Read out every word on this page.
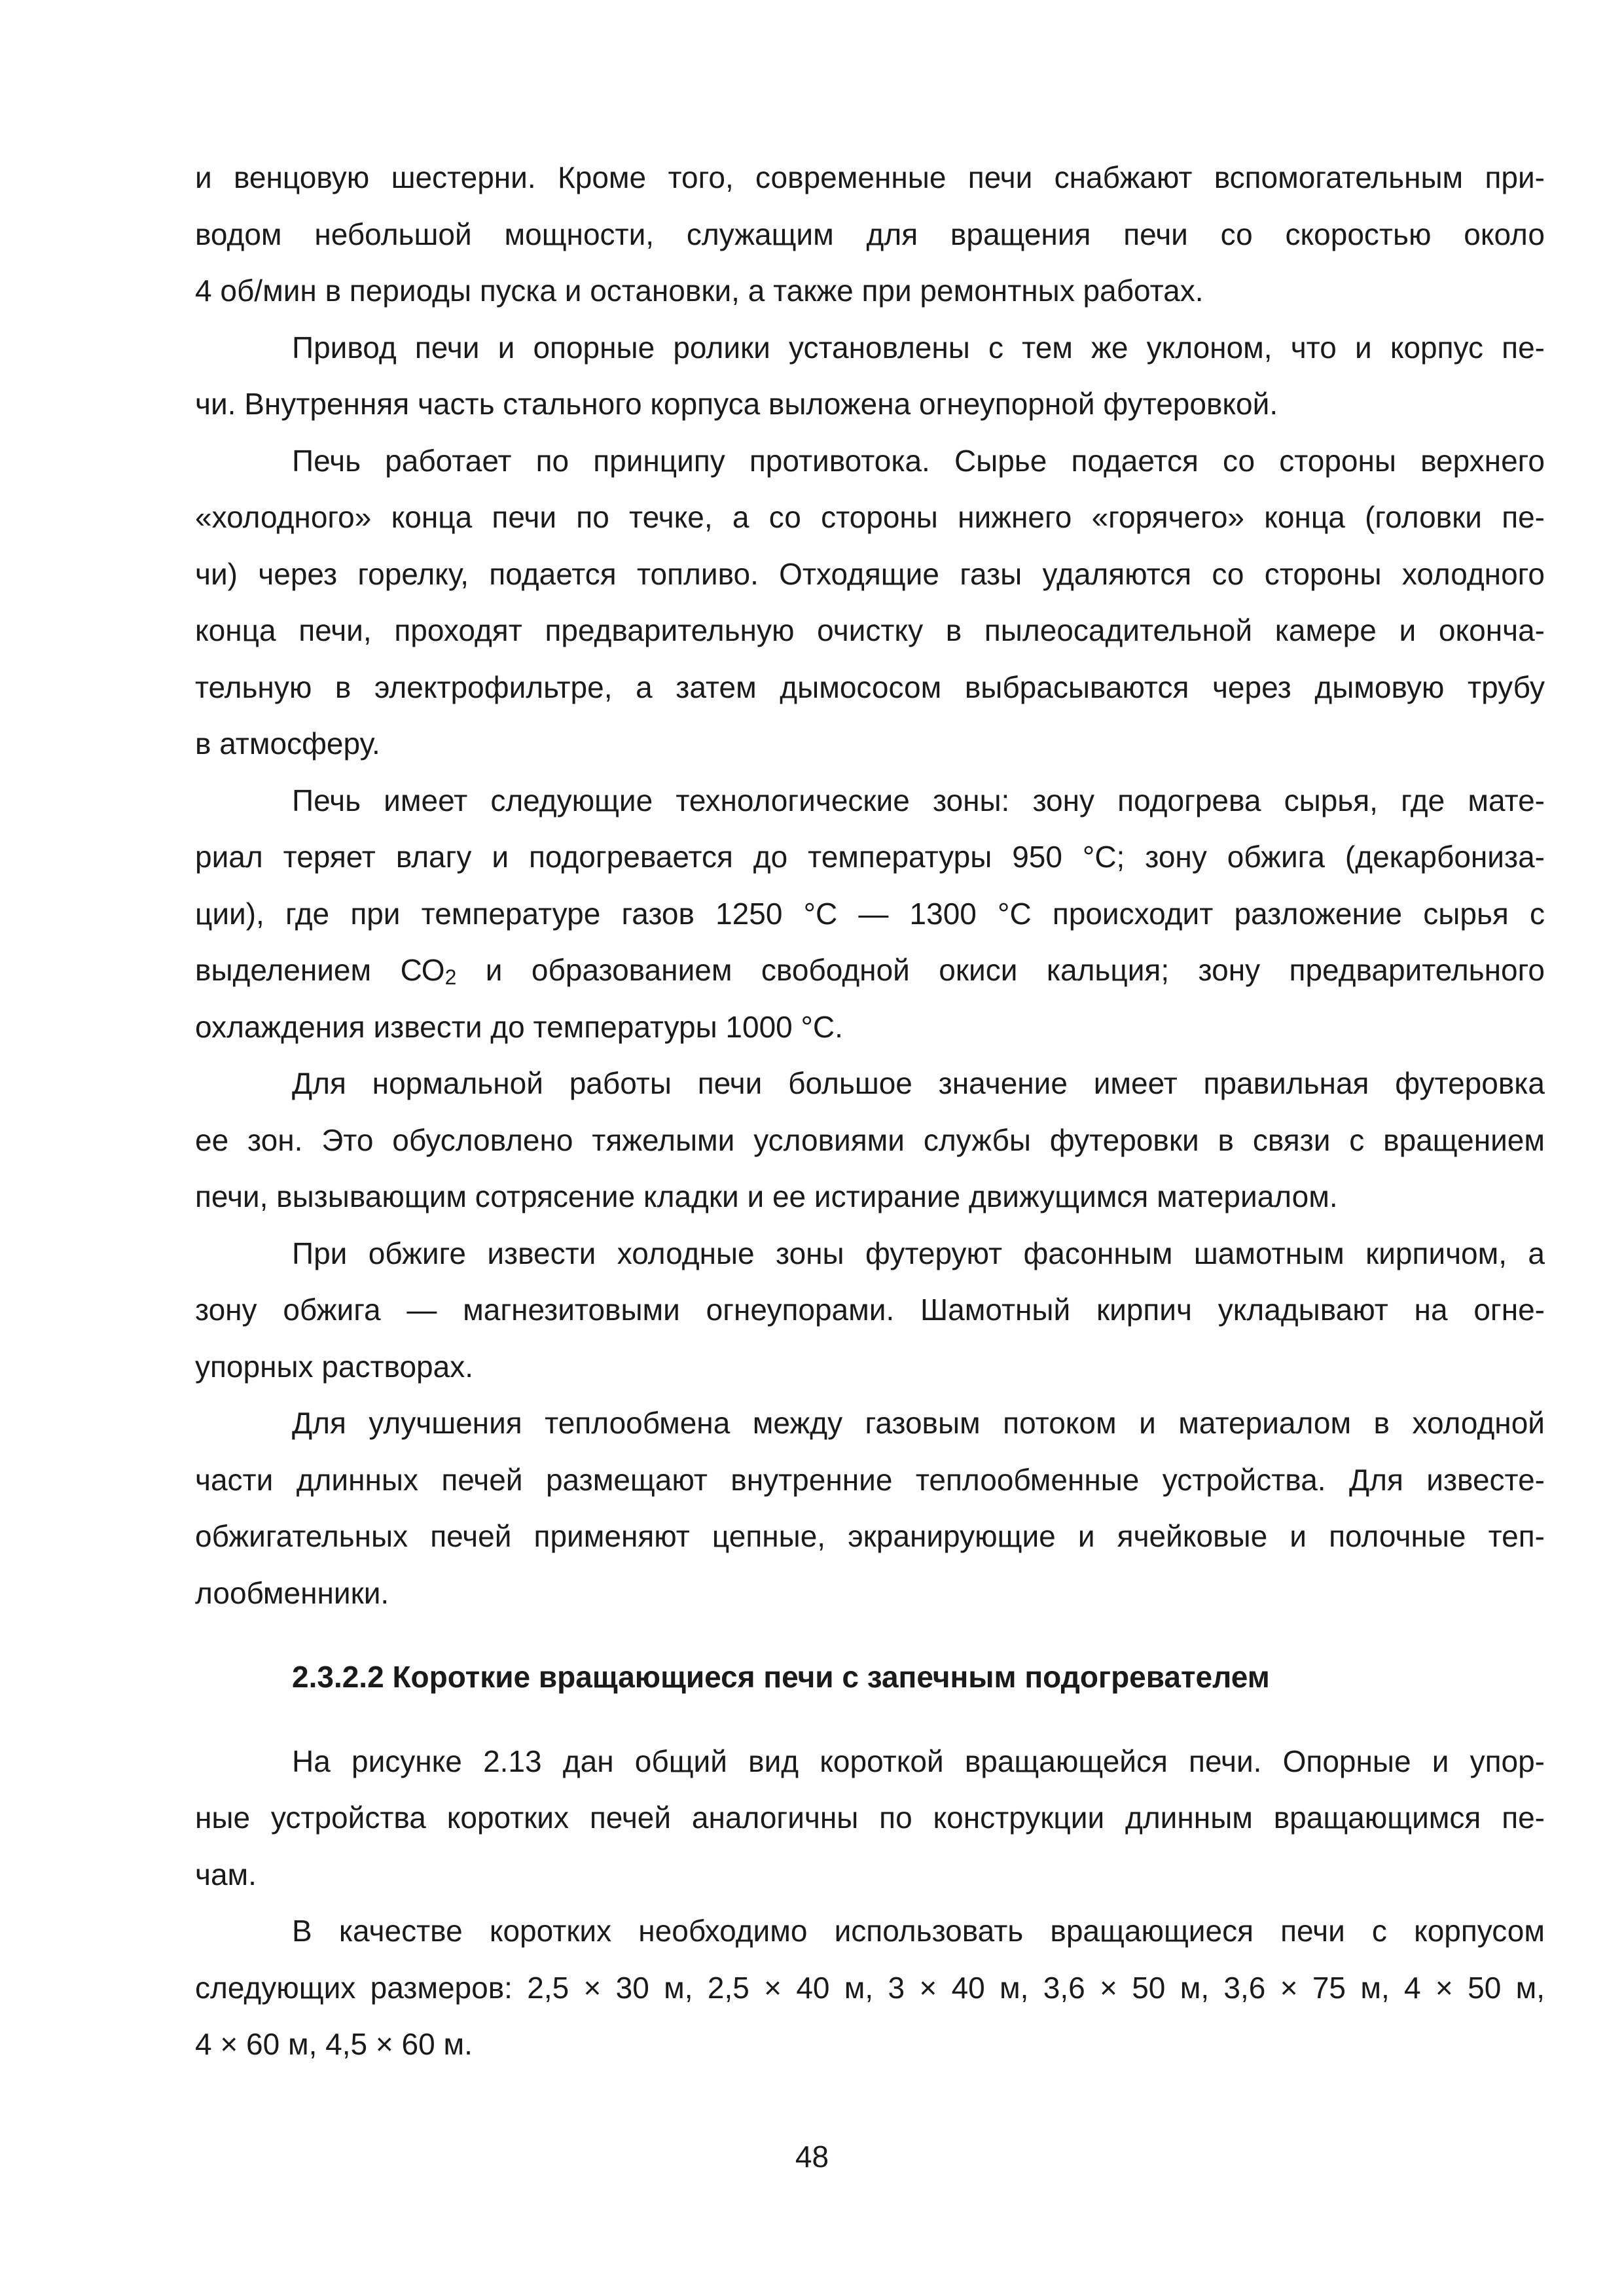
и венцовую шестерни. Кроме того, современные печи снабжают вспомогательным при-
водом небольшой мощности, служащим для вращения печи со скоростью около
4 об/мин в периоды пуска и остановки, а также при ремонтных работах.
Привод печи и опорные ролики установлены с тем же уклоном, что и корпус пе-
чи. Внутренняя часть стального корпуса выложена огнеупорной футеровкой.
Печь работает по принципу противотока. Сырье подается со стороны верхнего
«холодного» конца печи по течке, а со стороны нижнего «горячего» конца (головки пе-
чи) через горелку, подается топливо. Отходящие газы удаляются со стороны холодного
конца печи, проходят предварительную очистку в пылеосадительной камере и оконча-
тельную в электрофильтре, а затем дымососом выбрасываются через дымовую трубу
в атмосферу.
Печь имеет следующие технологические зоны: зону подогрева сырья, где мате-
риал теряет влагу и подогревается до температуры 950 °С; зону обжига (декарбониза-
ции), где при температуре газов 1250 °С — 1300 °С происходит разложение сырья с
выделением $СО_2$ и образованием свободной окиси кальция; зону предварительного
охлаждения извести до температуры 1000 °С.
Для нормальной работы печи большое значение имеет правильная футеровка
ее зон. Это обусловлено тяжелыми условиями службы футеровки в связи с вращением
печи, вызывающим сотрясение кладки и ее истирание движущимся материалом.
При обжиге извести холодные зоны футеруют фасонным шамотным кирпичом, а
зону обжига — магнезитовыми огнеупорами. Шамотный кирпич укладывают на огне-
упорных растворах.
Для улучшения теплообмена между газовым потоком и материалом в холодной
части длинных печей размещают внутренние теплообменные устройства. Для известе-
обжигательных печей применяют цепные, экранирующие и ячейковые и полочные теп-
лообменники.
2.3.2.2 Короткие вращающиеся печи с запечным подогревателем
На рисунке 2.13 дан общий вид короткой вращающейся печи. Опорные и упор-
ные устройства коротких печей аналогичны по конструкции длинным вращающимся пе-
чам.
В качестве коротких необходимо использовать вращающиеся печи с корпусом
следующих размеров: 2,5 × 30 м, 2,5 × 40 м, 3 × 40 м, 3,6 × 50 м, 3,6 × 75 м, 4 × 50 м,
4 × 60 м, 4,5 × 60 м.
48
